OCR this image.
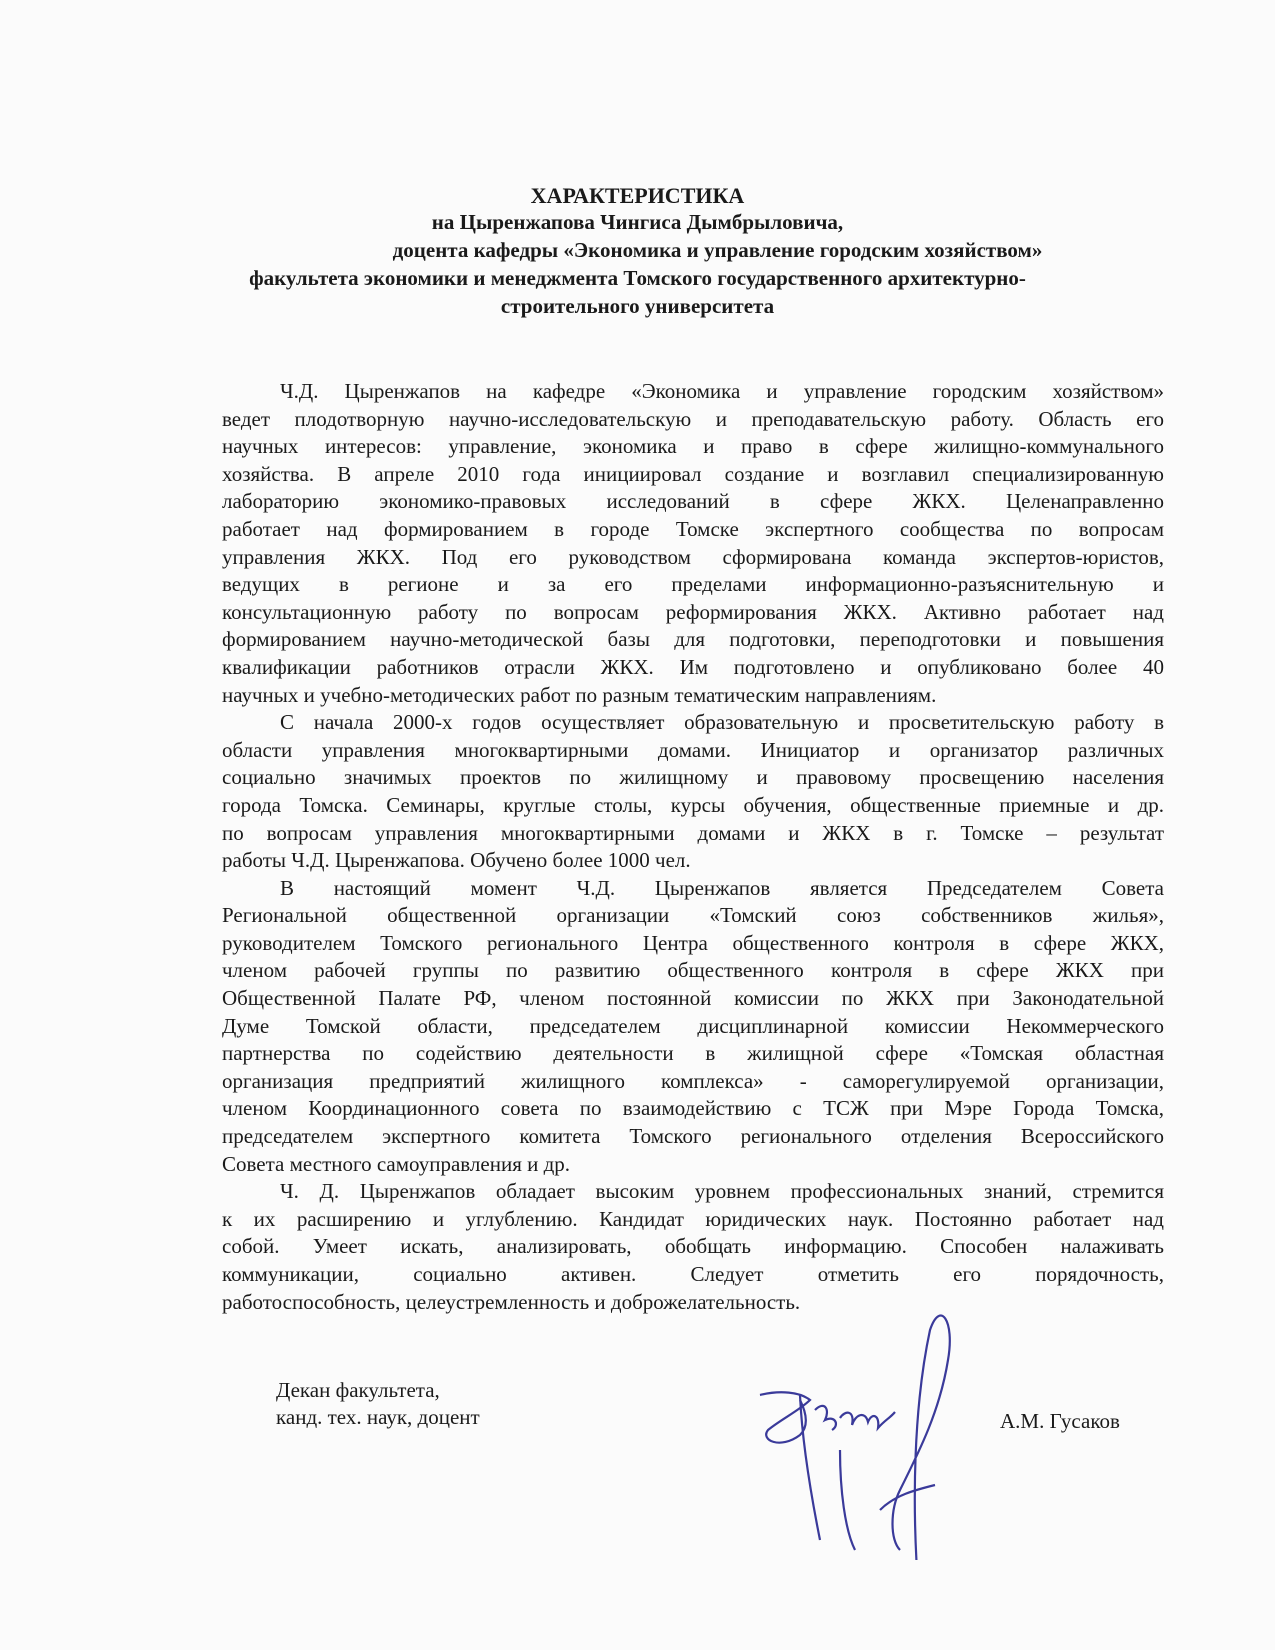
ХАРАКТЕРИСТИКА
на Цыренжапова Чингиса Дымбрыловича,
доцента кафедры «Экономика и управление городским хозяйством»
факультета экономики и менеджмента Томского государственного архитектурно-
строительного университета
Ч.Д. Цыренжапов на кафедре «Экономика и управление городским хозяйством»
ведет плодотворную научно-исследовательскую и преподавательскую работу. Область его
научных интересов: управление, экономика и право в сфере жилищно-коммунального
хозяйства. В апреле 2010 года инициировал создание и возглавил специализированную
лабораторию экономико-правовых исследований в сфере ЖКХ. Целенаправленно
работает над формированием в городе Томске экспертного сообщества по вопросам
управления ЖКХ. Под его руководством сформирована команда экспертов-юристов,
ведущих в регионе и за его пределами информационно-разъяснительную и
консультационную работу по вопросам реформирования ЖКХ. Активно работает над
формированием научно-методической базы для подготовки, переподготовки и повышения
квалификации работников отрасли ЖКХ. Им подготовлено и опубликовано более 40
научных и учебно-методических работ по разным тематическим направлениям.
С начала 2000-х годов осуществляет образовательную и просветительскую работу в
области управления многоквартирными домами. Инициатор и организатор различных
социально значимых проектов по жилищному и правовому просвещению населения
города Томска. Семинары, круглые столы, курсы обучения, общественные приемные и др.
по вопросам управления многоквартирными домами и ЖКХ в г. Томске – результат
работы Ч.Д. Цыренжапова. Обучено более 1000 чел.
В настоящий момент Ч.Д. Цыренжапов является Председателем Совета
Региональной общественной организации «Томский союз собственников жилья»,
руководителем Томского регионального Центра общественного контроля в сфере ЖКХ,
членом рабочей группы по развитию общественного контроля в сфере ЖКХ при
Общественной Палате РФ, членом постоянной комиссии по ЖКХ при Законодательной
Думе Томской области, председателем дисциплинарной комиссии Некоммерческого
партнерства по содействию деятельности в жилищной сфере «Томская областная
организация предприятий жилищного комплекса» - саморегулируемой организации,
членом Координационного совета по взаимодействию с ТСЖ при Мэре Города Томска,
председателем экспертного комитета Томского регионального отделения Всероссийского
Совета местного самоуправления и др.
Ч. Д. Цыренжапов обладает высоким уровнем профессиональных знаний, стремится
к их расширению и углублению. Кандидат юридических наук. Постоянно работает над
собой. Умеет искать, анализировать, обобщать информацию. Способен налаживать
коммуникации, социально активен. Следует отметить его порядочность,
работоспособность, целеустремленность и доброжелательность.
Декан факультета,
канд. тех. наук, доцент	А.М. Гусаков
